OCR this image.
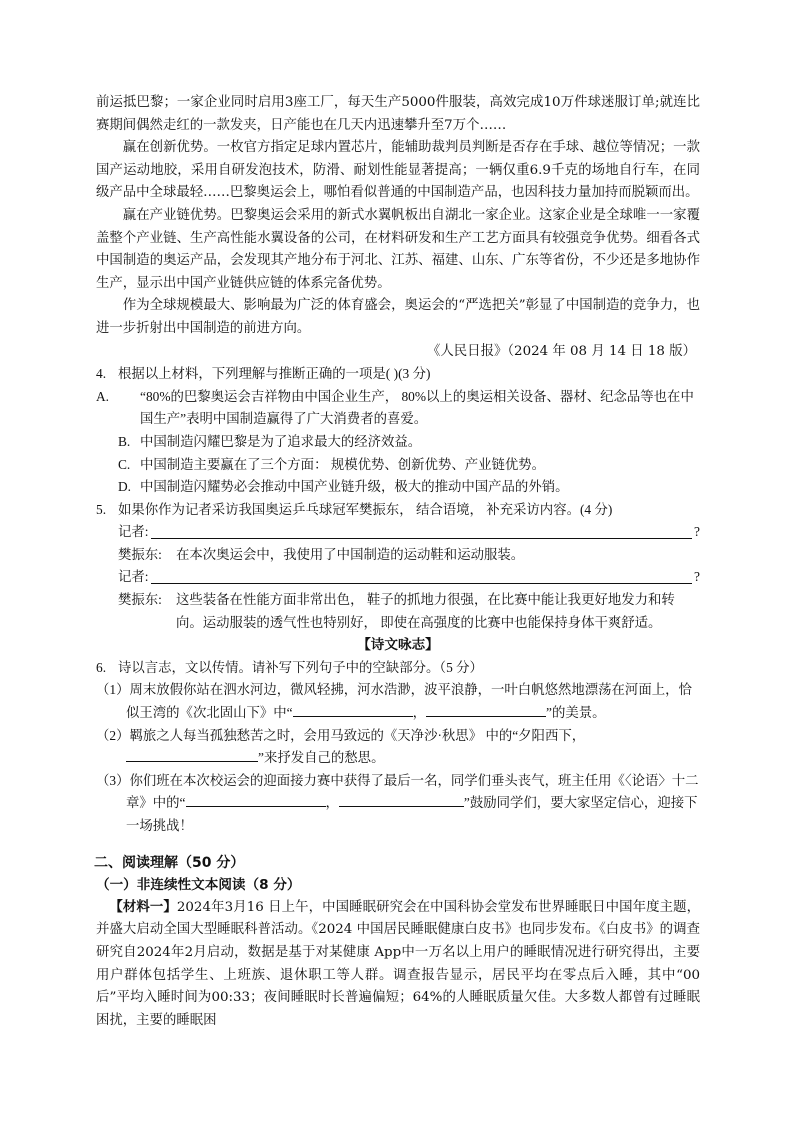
前运抵巴黎；一家企业同时启用3座工厂，每天生产5000件服装，高效完成10万件球迷服订单;就连比赛期间偶然走红的一款发夹，日产能也在几天内迅速攀升至7万个……

赢在创新优势。一枚官方指定足球内置芯片，能辅助裁判员判断是否存在手球、越位等情况；一款国产运动地胶，采用自研发泡技术，防滑、耐划性能显著提高；一辆仅重6.9千克的场地自行车，在同级产品中全球最轻……巴黎奥运会上，哪怕看似普通的中国制造产品，也因科技力量加持而脱颖而出。

赢在产业链优势。巴黎奥运会采用的新式水翼帆板出自湖北一家企业。这家企业是全球唯一一家覆盖整个产业链、生产高性能水翼设备的公司，在材料研发和生产工艺方面具有较强竞争优势。细看各式中国制造的奥运产品，会发现其产地分布于河北、江苏、福建、山东、广东等省份，不少还是多地协作生产，显示出中国产业链供应链的体系完备优势。

作为全球规模最大、影响最为广泛的体育盛会，奥运会的“严选把关”彰显了中国制造的竞争力，也进一步折射出中国制造的前进方向。

《人民日报》（2024 年 08 月 14 日 18 版）

4. 根据以上材料，下列理解与推断正确的一项是( )(3 分)

A. “80%的巴黎奥运会吉祥物由中国企业生产， 80%以上的奥运相关设备、器材、纪念品等也在中国生产”表明中国制造赢得了广大消费者的喜爱。

B. 中国制造闪耀巴黎是为了追求最大的经济效益。

C. 中国制造主要赢在了三个方面： 规模优势、创新优势、产业链优势。

D. 中国制造闪耀势必会推动中国产业链升级，极大的推动中国产品的外销。

5. 如果你作为记者采访我国奥运乒乓球冠军樊振东， 结合语境， 补充采访内容。(4 分)

记者:	?
樊振东:	在本次奥运会中，我使用了中国制造的运动鞋和运动服装。
记者:	?
樊振东:	这些装备在性能方面非常出色， 鞋子的抓地力很强，在比赛中能让我更好地发力和转向。运动服装的透气性也特别好， 即使在高强度的比赛中也能保持身体干爽舒适。

【诗文咏志】

6. 诗以言志，文以传情。请补写下列句子中的空缺部分。（5 分）

（1）周末放假你站在泗水河边，微风轻拂，河水浩渺，波平浪静，一叶白帆悠然地漂荡在河面上，恰似王湾的《次北固山下》中“	，	”的美景。

（2）羁旅之人每当孤独愁苦之时，会用马致远的《天净沙·秋思》 中的“夕阳西下，”来抒发自己的愁思。

（3）你们班在本次校运会的迎面接力赛中获得了最后一名，同学们垂头丧气，班主任用《〈论语〉十二章》中的“	，	”鼓励同学们，要大家坚定信心，迎接下一场挑战！

二、阅读理解（50 分）

（一）非连续性文本阅读（8 分）

【材料一】2024年3月16 日上午，中国睡眠研究会在中国科协会堂发布世界睡眠日中国年度主题，并盛大启动全国大型睡眠科普活动。《2024 中国居民睡眠健康白皮书》也同步发布。《白皮书》的调查研究自2024年2月启动，数据是基于对某健康 App中一万名以上用户的睡眠情况进行研究得出，主要用户群体包括学生、上班族、退休职工等人群。调查报告显示，居民平均在零点后入睡，其中“00后”平均入睡时间为00:33；夜间睡眠时长普遍偏短；64%的人睡眠质量欠佳。大多数人都曾有过睡眠困扰，主要的睡眠困
